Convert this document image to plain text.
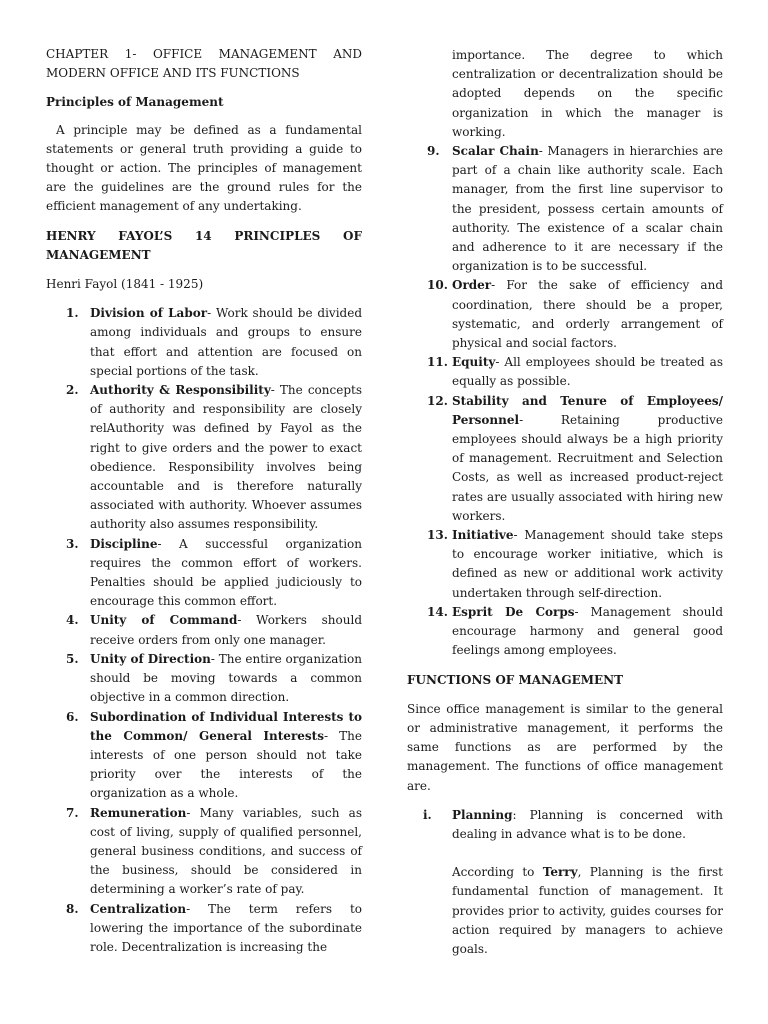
CHAPTER 1- OFFICE MANAGEMENT AND MODERN OFFICE AND ITS FUNCTIONS

Principles of Management

A principle may be defined as a fundamental statements or general truth providing a guide to thought or action. The principles of management are the guidelines are the ground rules for the efficient management of any undertaking.

HENRY FAYOL’S 14 PRINCIPLES OF MANAGEMENT

Henri Fayol (1841 - 1925)

1. Division of Labor- Work should be divided among individuals and groups to ensure that effort and attention are focused on special portions of the task.
2. Authority & Responsibility- The concepts of authority and responsibility are closely relAuthority was defined by Fayol as the right to give orders and the power to exact obedience. Responsibility involves being accountable and is therefore naturally associated with authority. Whoever assumes authority also assumes responsibility.
3. Discipline- A successful organization requires the common effort of workers. Penalties should be applied judiciously to encourage this common effort.
4. Unity of Command- Workers should receive orders from only one manager.
5. Unity of Direction- The entire organization should be moving towards a common objective in a common direction.
6. Subordination of Individual Interests to the Common/ General Interests- The interests of one person should not take priority over the interests of the organization as a whole.
7. Remuneration- Many variables, such as cost of living, supply of qualified personnel, general business conditions, and success of the business, should be considered in determining a worker’s rate of pay.
8. Centralization- The term refers to lowering the importance of the subordinate role. Decentralization is increasing the

importance. The degree to which centralization or decentralization should be adopted depends on the specific organization in which the manager is working.

9. Scalar Chain- Managers in hierarchies are part of a chain like authority scale. Each manager, from the first line supervisor to the president, possess certain amounts of authority. The existence of a scalar chain and adherence to it are necessary if the organization is to be successful.
10. Order- For the sake of efficiency and coordination, there should be a proper, systematic, and orderly arrangement of physical and social factors.
11. Equity- All employees should be treated as equally as possible.
12. Stability and Tenure of Employees/ Personnel- Retaining productive employees should always be a high priority of management. Recruitment and Selection Costs, as well as increased product-reject rates are usually associated with hiring new workers.
13. Initiative- Management should take steps to encourage worker initiative, which is defined as new or additional work activity undertaken through self-direction.
14. Esprit De Corps- Management should encourage harmony and general good feelings among employees.

FUNCTIONS OF MANAGEMENT

Since office management is similar to the general or administrative management, it performs the same functions as are performed by the management. The functions of office management are.

i. Planning: Planning is concerned with dealing in advance what is to be done.

According to Terry, Planning is the first fundamental function of management. It provides prior to activity, guides courses for action required by managers to achieve goals.
